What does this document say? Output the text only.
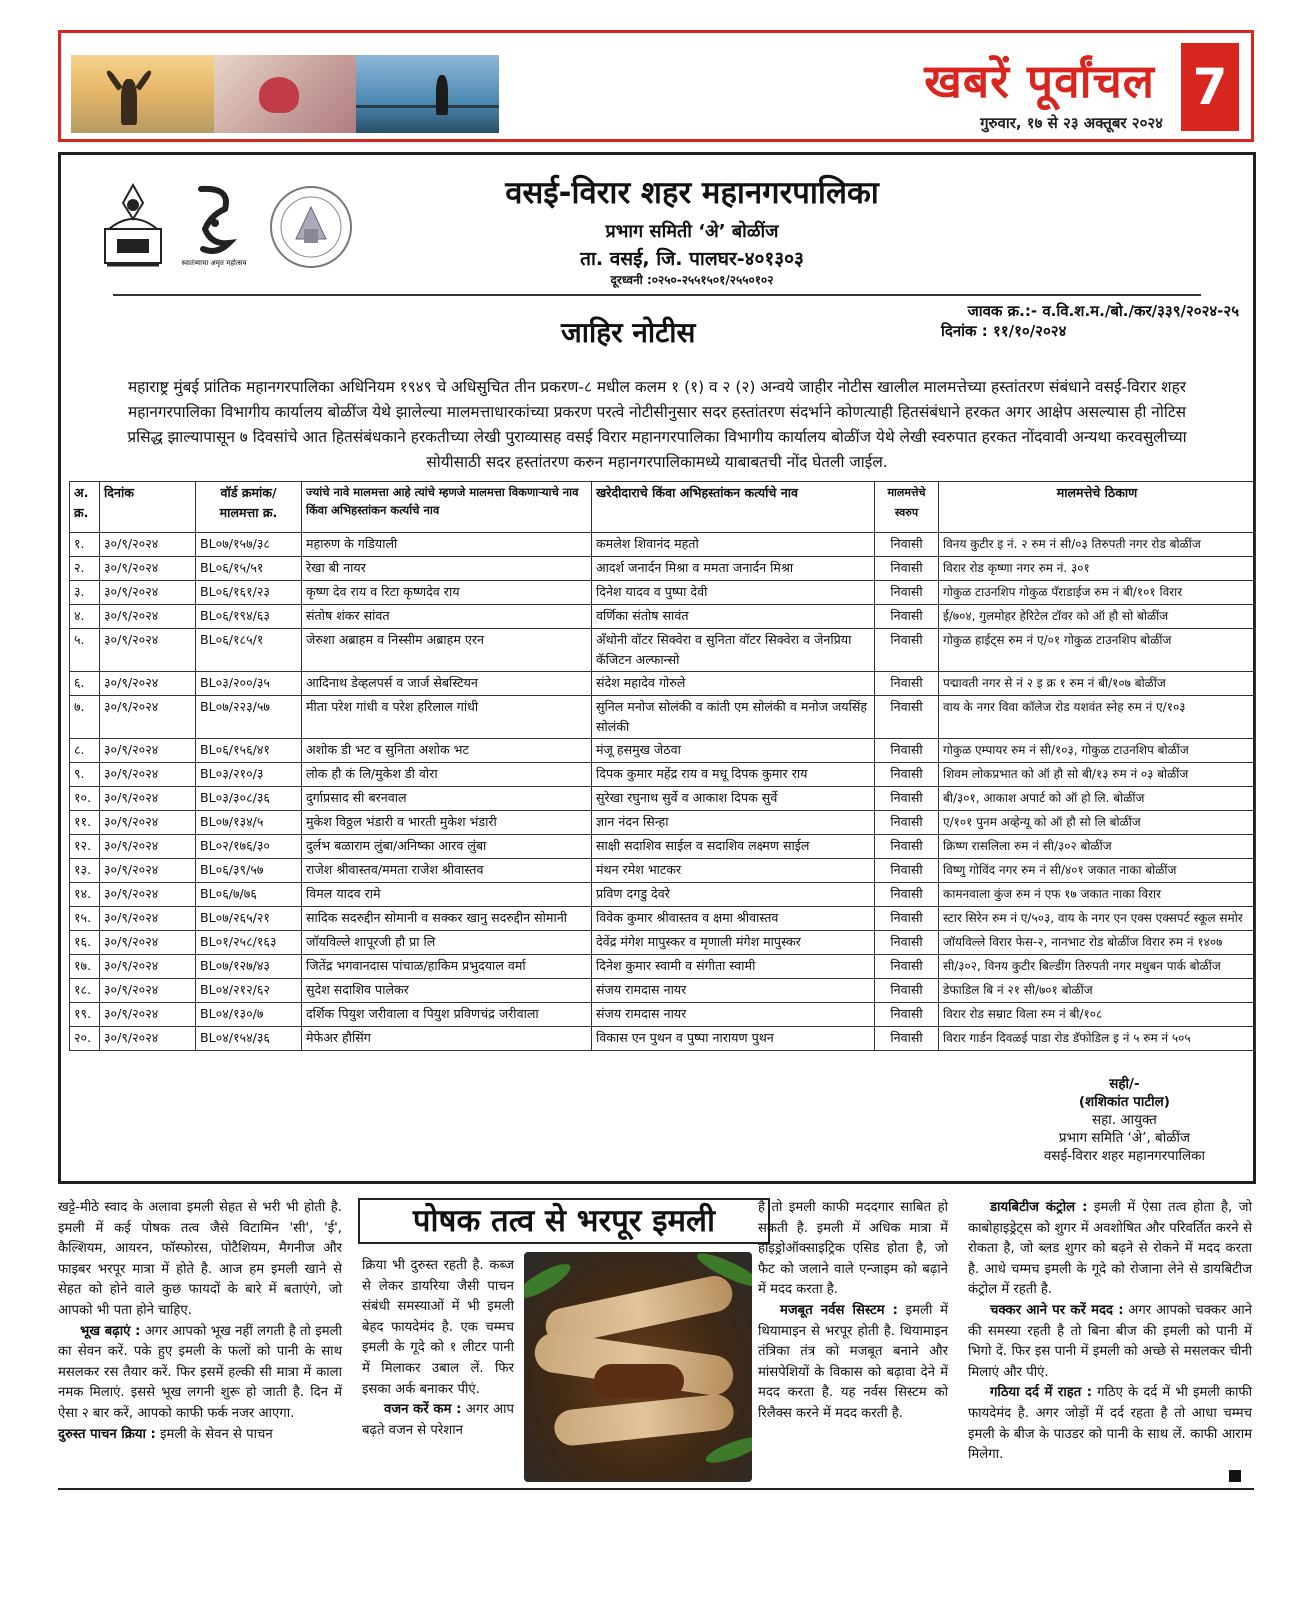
खबरें पूर्वांचल
गुरुवार, १७ से २३ अक्तूबर २०२४
7
स्वातंत्र्याचा अमृत महोत्सव
वसई-विरार शहर महानगरपालिका
प्रभाग समिती ‘अे’ बोळींज
ता. वसई, जि. पालघर-४०१३०३
दूरध्वनी :०२५०-२५५१५०१/२५५०१०२
जावक क्र.:- व.वि.श.म./बो./कर/३३९/२०२४-२५
दिनांक : ११/१०/२०२४
जाहिर नोटीस
महाराष्ट्र मुंबई प्रांतिक महानगरपालिका अधिनियम १९४९ चे अधिसुचित तीन प्रकरण-८ मधील कलम १ (१) व २ (२) अन्वये जाहीर नोटीस खालील मालमत्तेच्या हस्तांतरण संबंधाने वसई-विरार शहर महानगरपालिका विभागीय कार्यालय बोळींज येथे झालेल्या मालमत्ताधारकांच्या प्रकरण परत्वे नोटीसीनुसार सदर हस्तांतरण संदर्भाने कोणत्याही हितसंबंधाने हरकत अगर आक्षेप असल्यास ही नोटिस प्रसिद्ध झाल्यापासून ७ दिवसांचे आत हितसंबंधकाने हरकतीच्या लेखी पुराव्यासह वसई विरार महानगरपालिका विभागीय कार्यालय बोळींज येथे लेखी स्वरुपात हरकत नोंदवावी अन्यथा करवसुलीच्या सोयीसाठी सदर हस्तांतरण करुन महानगरपालिकामध्ये याबाबतची नोंद घेतली जाईल.
अ. क्र.	दिनांक	वॉर्ड क्रमांक/ मालमत्ता क्र.	ज्यांचे नावे मालमत्ता आहे त्यांचे म्हणजे मालमत्ता विकणाऱ्याचे नाव किंवा अभिहस्तांकन कर्त्याचे नाव	खरेदीदाराचे किंवा अभिहस्तांकन कर्त्याचे नाव	मालमत्तेचे स्वरुप	मालमत्तेचे ठिकाण
१.	३०/९/२०२४	BL०७/१५७/३८	महारुण के गडियाली	कमलेश शिवानंद महतो	निवासी	विनय कुटीर इ नं. २ रुम नं सी/०३ तिरुपती नगर रोड बोळींज
२.	३०/९/२०२४	BL०६/१५/५१	रेखा बी नायर	आदर्श जनार्दन मिश्रा व ममता जनार्दन मिश्रा	निवासी	विरार रोड कृष्णा नगर रुम नं. ३०१
३.	३०/९/२०२४	BL०६/१६१/२३	कृष्ण देव राय व रिटा कृष्णदेव राय	दिनेश यादव व पुष्पा देवी	निवासी	गोकुळ टाउनशिप गोकुळ पॅराडाईज रुम नं बी/१०१ विरार
४.	३०/९/२०२४	BL०६/१९४/६३	संतोष शंकर सांवत	वर्णिका संतोष सावंत	निवासी	ई/७०४, गुलमोहर हेरिटेल टॉवर को ऑ हौ सो बोळींज
५.	३०/९/२०२४	BL०६/१८५/१	जेरुशा अब्राहम व निस्सीम अब्राहम एरन	अँथोनी वॉटर सिक्वेरा व सुनिता वॉटर सिक्वेरा व जेनप्रिया कॅजिटन अल्फान्सो	निवासी	गोकुळ हाईट्स रुम नं ए/०१ गोकुळ टाउनशिप बोळींज
६.	३०/९/२०२४	BL०३/२००/३५	आदिनाथ डेव्हलपर्स व जार्ज सेबस्टियन	संदेश महादेव गोरुले	निवासी	पद्मावती नगर से नं २ इ क्र १ रुम नं बी/१०७ बोळींज
७.	३०/९/२०२४	BL०७/२२३/५७	मीता परेश गांधी व परेश हरिलाल गांधी	सुनिल मनोज सोलंकी व कांती एम सोलंकी व मनोज जयसिंह सोलंकी	निवासी	वाय के नगर विवा कॉलेज रोड यशवंत स्नेह रुम नं ए/१०३
८.	३०/९/२०२४	BL०६/१५६/४१	अशोक डी भट व सुनिता अशोक भट	मंजू हसमुख जेठवा	निवासी	गोकुळ एम्पायर रुम नं सी/१०३, गोकुळ टाउनशिप बोळींज
९.	३०/९/२०२४	BL०३/२१०/३	लोक हौ कं लि/मुकेश डी वोरा	दिपक कुमार महेंद्र राय व मधू दिपक कुमार राय	निवासी	शिवम लोकप्रभात को ऑ हौ सो बी/१३ रुम नं ०३ बोळींज
१०.	३०/९/२०२४	BL०३/३०८/३६	दुर्गाप्रसाद सी बरनवाल	सुरेखा रघुनाथ सुर्वे व आकाश दिपक सुर्वे	निवासी	बी/३०१, आकाश अपार्ट को ऑ हो लि. बोळींज
११.	३०/९/२०२४	BL०७/१३४/५	मुकेश विठ्ठल भंडारी व भारती मुकेश भंडारी	ज्ञान नंदन सिन्हा	निवासी	ए/१०१ पुनम अव्हेन्यू को ऑ हौ सो लि बोळींज
१२.	३०/९/२०२४	BL०२/१७६/३०	दुर्लभ बळाराम लुंबा/अनिष्का आरव लुंबा	साक्षी सदाशिव साईल व सदाशिव लक्ष्मण साईल	निवासी	क्रिष्ण रासलिला रुम नं सी/३०२ बोळींज
१३.	३०/९/२०२४	BL०६/३९/५७	राजेश श्रीवास्तव/ममता राजेश श्रीवास्तव	मंथन रमेश भाटकर	निवासी	विष्णु गोविंद नगर रुम नं सी/४०१ जकात नाका बोळींज
१४.	३०/९/२०२४	BL०६/७/७६	विमल यादव रामे	प्रविण दगडु देवरे	निवासी	कामनवाला कुंज रुम नं एफ १७ जकात नाका विरार
१५.	३०/९/२०२४	BL०७/२६५/२१	सादिक सदरुद्दीन सोमानी व सक्कर खानु सदरुद्दीन सोमानी	विवेक कुमार श्रीवास्तव व क्षमा श्रीवास्तव	निवासी	स्टार सिरेन रुम नं ए/५०३, वाय के नगर एन एक्स एक्सपर्ट स्कूल समोर
१६.	३०/९/२०२४	BL०१/२५८/१६३	जॉयविल्ले शापूरजी हौ प्रा लि	देवेंद्र मंगेश मापुस्कर व मृणाली मंगेश मापुस्कर	निवासी	जॉयविल्ले विरार फेस-२, नानभाट रोड बोळींज विरार रुम नं १४०७
१७.	३०/९/२०२४	BL०७/१२७/४३	जितेंद्र भगवानदास पांचाळ/हाकिम प्रभुदयाल वर्मा	दिनेश कुमार स्वामी व संगीता स्वामी	निवासी	सी/३०२, विनय कुटीर बिल्डींग तिरुपती नगर मधुबन पार्क बोळींज
१८.	३०/९/२०२४	BL०४/२१२/६२	सुदेश सदाशिव पालेकर	संजय रामदास नायर	निवासी	डेफाडिल बि नं २१ सी/७०१ बोळींज
१९.	३०/९/२०२४	BL०४/१३०/७	दर्शिक पियुश जरीवाला व पियुश प्रविणचंद्र जरीवाला	संजय रामदास नायर	निवासी	विरार रोड सम्राट विला रुम नं बी/१०८
२०.	३०/९/२०२४	BL०४/१५४/३६	मेफेअर हौसिंग	विकास एन पुथन व पुष्पा नारायण पुथन	निवासी	विरार गार्डन दिवळई पाडा रोड डॅफोडिल इ नं ५ रुम नं ५०५
सही/-
(शशिकांत पाटील)
सहा. आयुक्त
प्रभाग समिति ‘अे’, बोळींज
वसई-विरार शहर महानगरपालिका
खट्टे-मीठे स्वाद के अलावा इमली सेहत से भरी भी होती है. इमली में कई पोषक तत्व जैसे विटामिन 'सी', 'ई', कैल्शियम, आयरन, फॉस्फोरस, पोटैशियम, मैगनीज और फाइबर भरपूर मात्रा में होते है. आज हम इमली खाने से सेहत को होने वाले कुछ फायदों के बारे में बताएंगे, जो आपको भी पता होने चाहिए.
भूख बढ़ाएं : अगर आपको भूख नहीं लगती है तो इमली का सेवन करें. पके हुए इमली के फलों को पानी के साथ मसलकर रस तैयार करें. फिर इसमें हल्की सी मात्रा में काला नमक मिलाएं. इससे भूख लगनी शुरू हो जाती है. दिन में ऐसा २ बार करें, आपको काफी फर्क नजर आएगा.
दुरुस्त पाचन क्रिया : इमली के सेवन से पाचन
पोषक तत्व से भरपूर इमली
क्रिया भी दुरुस्त रहती है. कब्ज से लेकर डायरिया जैसी पाचन संबंधी समस्याओं में भी इमली बेहद फायदेमंद है. एक चम्मच इमली के गूदे को १ लीटर पानी में मिलाकर उबाल लें. फिर इसका अर्क बनाकर पीएं.
वजन करें कम : अगर आप बढ़ते वजन से परेशान
है तो इमली काफी मददगार साबित हो सकती है. इमली में अधिक मात्रा में हाइड्रोऑक्साइट्रिक एसिड होता है, जो फैट को जलाने वाले एन्जाइम को बढ़ाने में मदद करता है.
मजबूत नर्वस सिस्टम : इमली में थियामाइन से भरपूर होती है. थियामाइन तंत्रिका तंत्र को मजबूत बनाने और मांसपेशियों के विकास को बढ़ावा देने में मदद करता है. यह नर्वस सिस्टम को रिलैक्स करने में मदद करती है.
डायबिटीज कंट्रोल : इमली में ऐसा तत्व होता है, जो काबोहाइड्रेट्स को शुगर में अवशोषित और परिवर्तित करने से रोकता है, जो ब्लड शुगर को बढ़ने से रोकने में मदद करता है. आधे चम्मच इमली के गूदे को रोजाना लेने से डायबिटीज कंट्रोल में रहती है.
चक्कर आने पर करें मदद : अगर आपको चक्कर आने की समस्या रहती है तो बिना बीज की इमली को पानी में भिगो दें. फिर इस पानी में इमली को अच्छे से मसलकर चीनी मिलाएं और पीएं.
गठिया दर्द में राहत : गठिए के दर्द में भी इमली काफी फायदेमंद है. अगर जोड़ों में दर्द रहता है तो आधा चम्मच इमली के बीज के पाउडर को पानी के साथ लें. काफी आराम मिलेगा.
